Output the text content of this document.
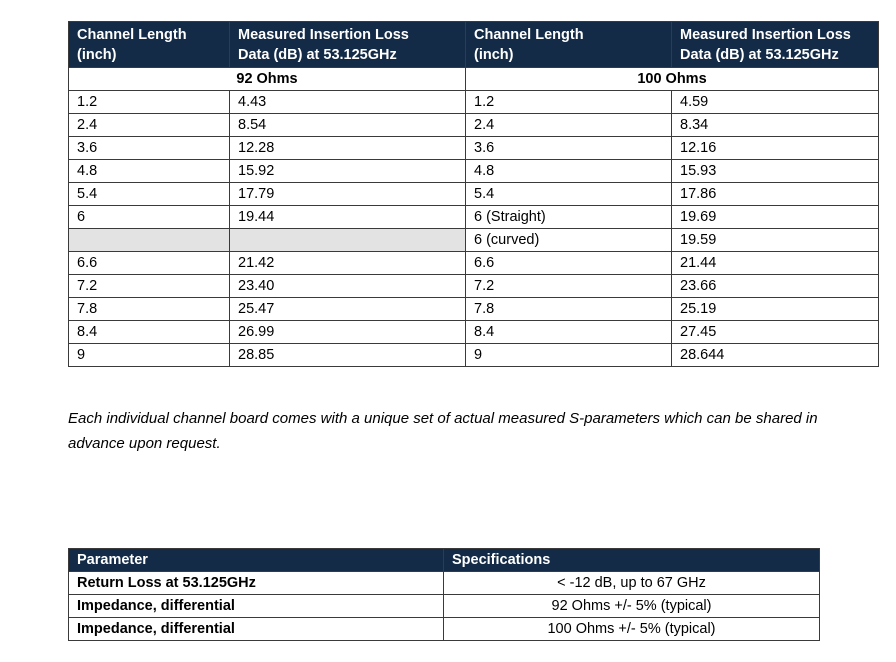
Channel Length (inch)	Measured Insertion Loss Data (dB) at 53.125GHz	Channel Length (inch)	Measured Insertion Loss Data (dB) at 53.125GHz

92 Ohms		100 Ohms	
1.2	4.43	1.2	4.59
2.4	8.54	2.4	8.34
3.6	12.28	3.6	12.16
4.8	15.92	4.8	15.93
5.4	17.79	5.4	17.86
6	19.44	6 (Straight)	19.69
		6 (curved)	19.59
6.6	21.42	6.6	21.44
7.2	23.40	7.2	23.66
7.8	25.47	7.8	25.19
8.4	26.99	8.4	27.45
9	28.85	9	28.644

Each individual channel board comes with a unique set of actual measured S-parameters which can be shared in advance upon request.

Parameter	Specifications
Return Loss at 53.125GHz	< -12 dB, up to 67 GHz
Impedance, differential	92 Ohms +/- 5% (typical)
Impedance, differential	100 Ohms +/- 5% (typical)
